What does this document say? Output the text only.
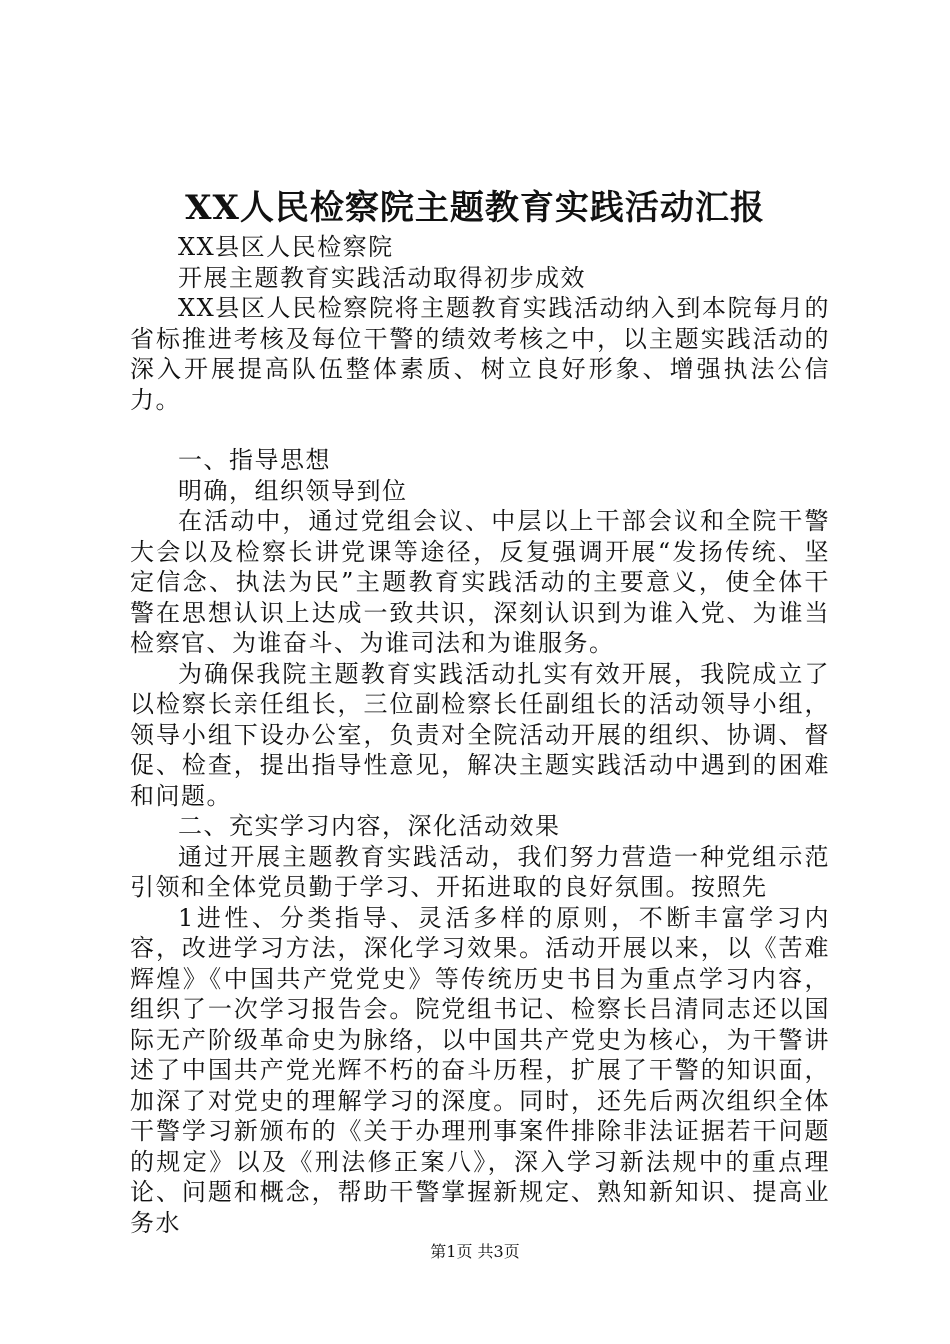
XX人民检察院主题教育实践活动汇报

XX县区人民检察院

开展主题教育实践活动取得初步成效

XX县区人民检察院将主题教育实践活动纳入到本院每月的省标推进考核及每位干警的绩效考核之中，以主题实践活动的深入开展提高队伍整体素质、树立良好形象、增强执法公信力。

一、指导思想

明确，组织领导到位

在活动中，通过党组会议、中层以上干部会议和全院干警大会以及检察长讲党课等途径，反复强调开展“发扬传统、坚定信念、执法为民”主题教育实践活动的主要意义，使全体干警在思想认识上达成一致共识，深刻认识到为谁入党、为谁当检察官、为谁奋斗、为谁司法和为谁服务。

为确保我院主题教育实践活动扎实有效开展，我院成立了以检察长亲任组长，三位副检察长任副组长的活动领导小组，领导小组下设办公室，负责对全院活动开展的组织、协调、督促、检查，提出指导性意见，解决主题实践活动中遇到的困难和问题。

二、充实学习内容，深化活动效果

通过开展主题教育实践活动，我们努力营造一种党组示范引领和全体党员勤于学习、开拓进取的良好氛围。按照先

1进性、分类指导、灵活多样的原则，不断丰富学习内容，改进学习方法，深化学习效果。活动开展以来，以《苦难辉煌》《中国共产党党史》等传统历史书目为重点学习内容，组织了一次学习报告会。院党组书记、检察长吕清同志还以国际无产阶级革命史为脉络，以中国共产党史为核心，为干警讲述了中国共产党光辉不朽的奋斗历程，扩展了干警的知识面，加深了对党史的理解学习的深度。同时，还先后两次组织全体干警学习新颁布的《关于办理刑事案件排除非法证据若干问题的规定》以及《刑法修正案八》，深入学习新法规中的重点理论、问题和概念，帮助干警掌握新规定、熟知新知识、提高业务水

第1页 共3页
